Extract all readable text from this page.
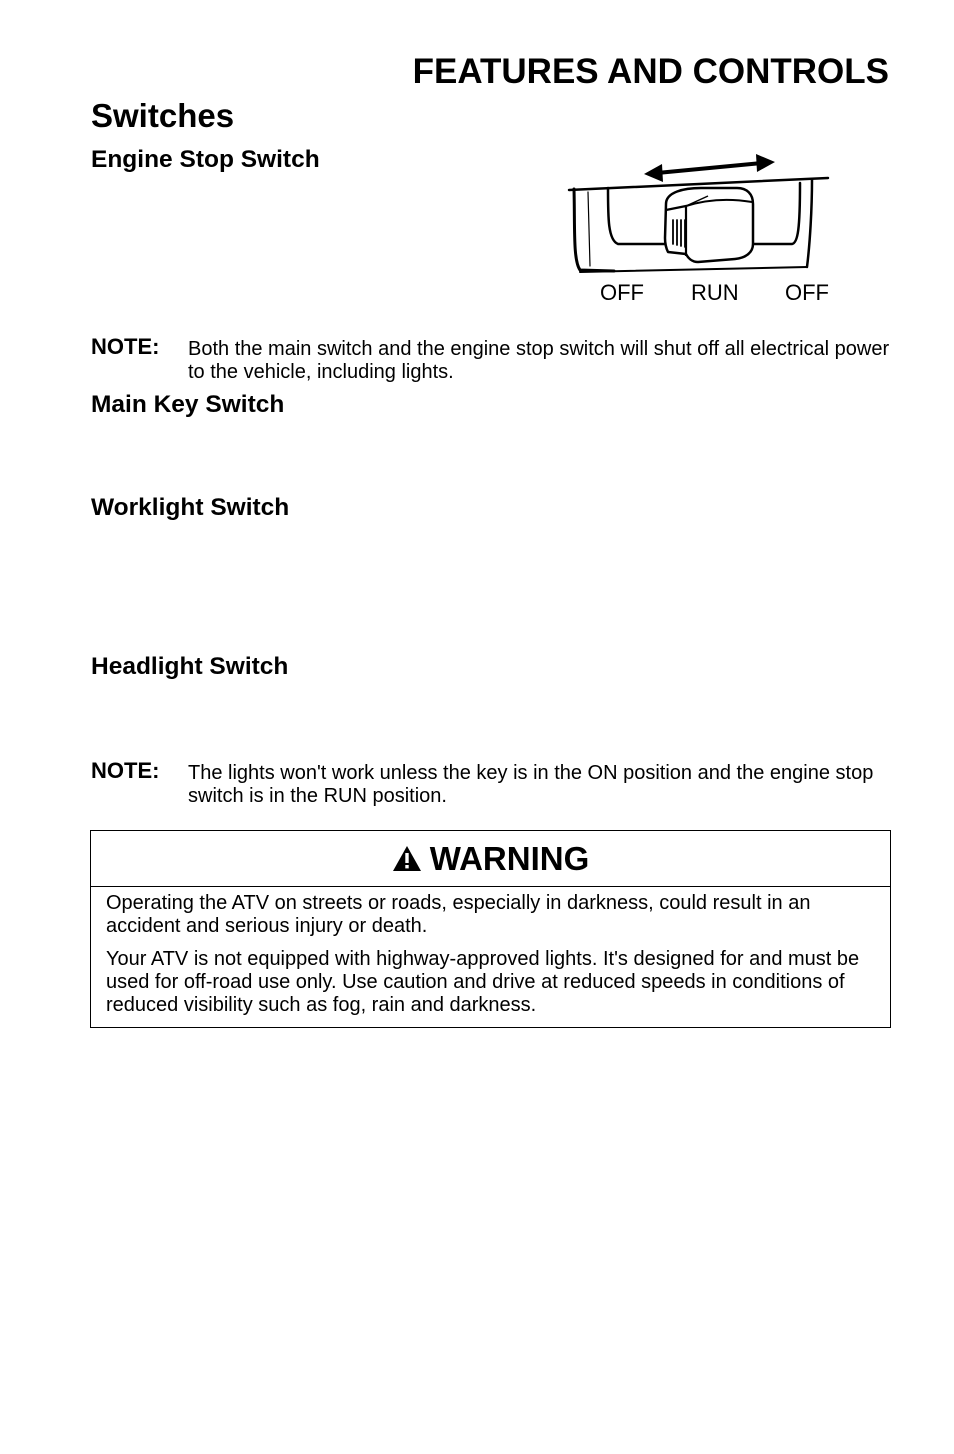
FEATURES AND CONTROLS
Switches
Engine Stop Switch
OFF RUN OFF
NOTE: Both the main switch and the engine stop switch will shut off all electrical power to the vehicle, including lights.
Main Key Switch
Worklight Switch
Headlight Switch
NOTE: The lights won't work unless the key is in the ON position and the engine stop switch is in the RUN position.
WARNING

Operating the ATV on streets or roads, especially in darkness, could result in an accident and serious injury or death.

Your ATV is not equipped with highway-approved lights. It's designed for and must be used for off-road use only. Use caution and drive at reduced speeds in conditions of reduced visibility such as fog, rain and darkness.
